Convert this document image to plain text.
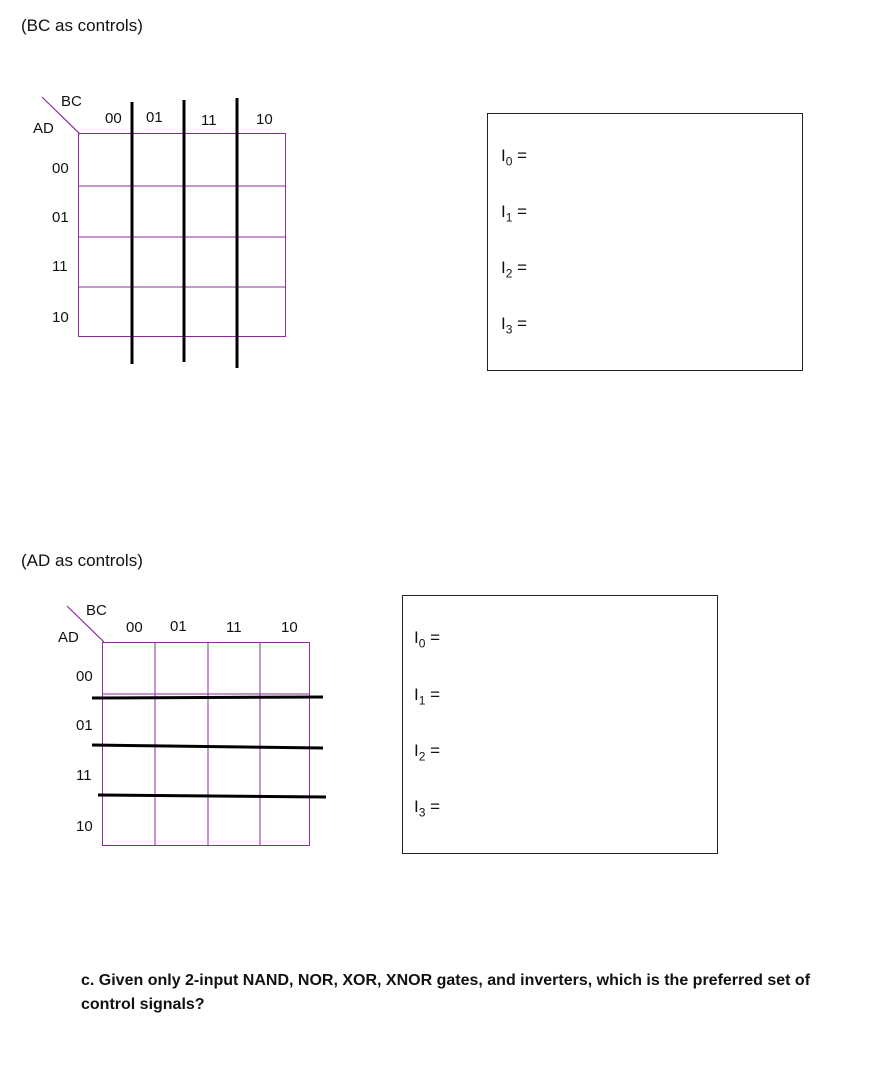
(BC as controls)
BC
AD
00 01	11	10
00
01
11
10
$I_0$ =
$I_1$ =
$I_2$ =
$I_3$ =
(AD as controls)
BC
AD
00 01	11	10
00
01
11
10
$I_0$ =
$I_1$ =
$I_2$ =
$I_3$ =
c. Given only 2-input NAND, NOR, XOR, XNOR gates, and inverters, which is the preferred set of control signals?
